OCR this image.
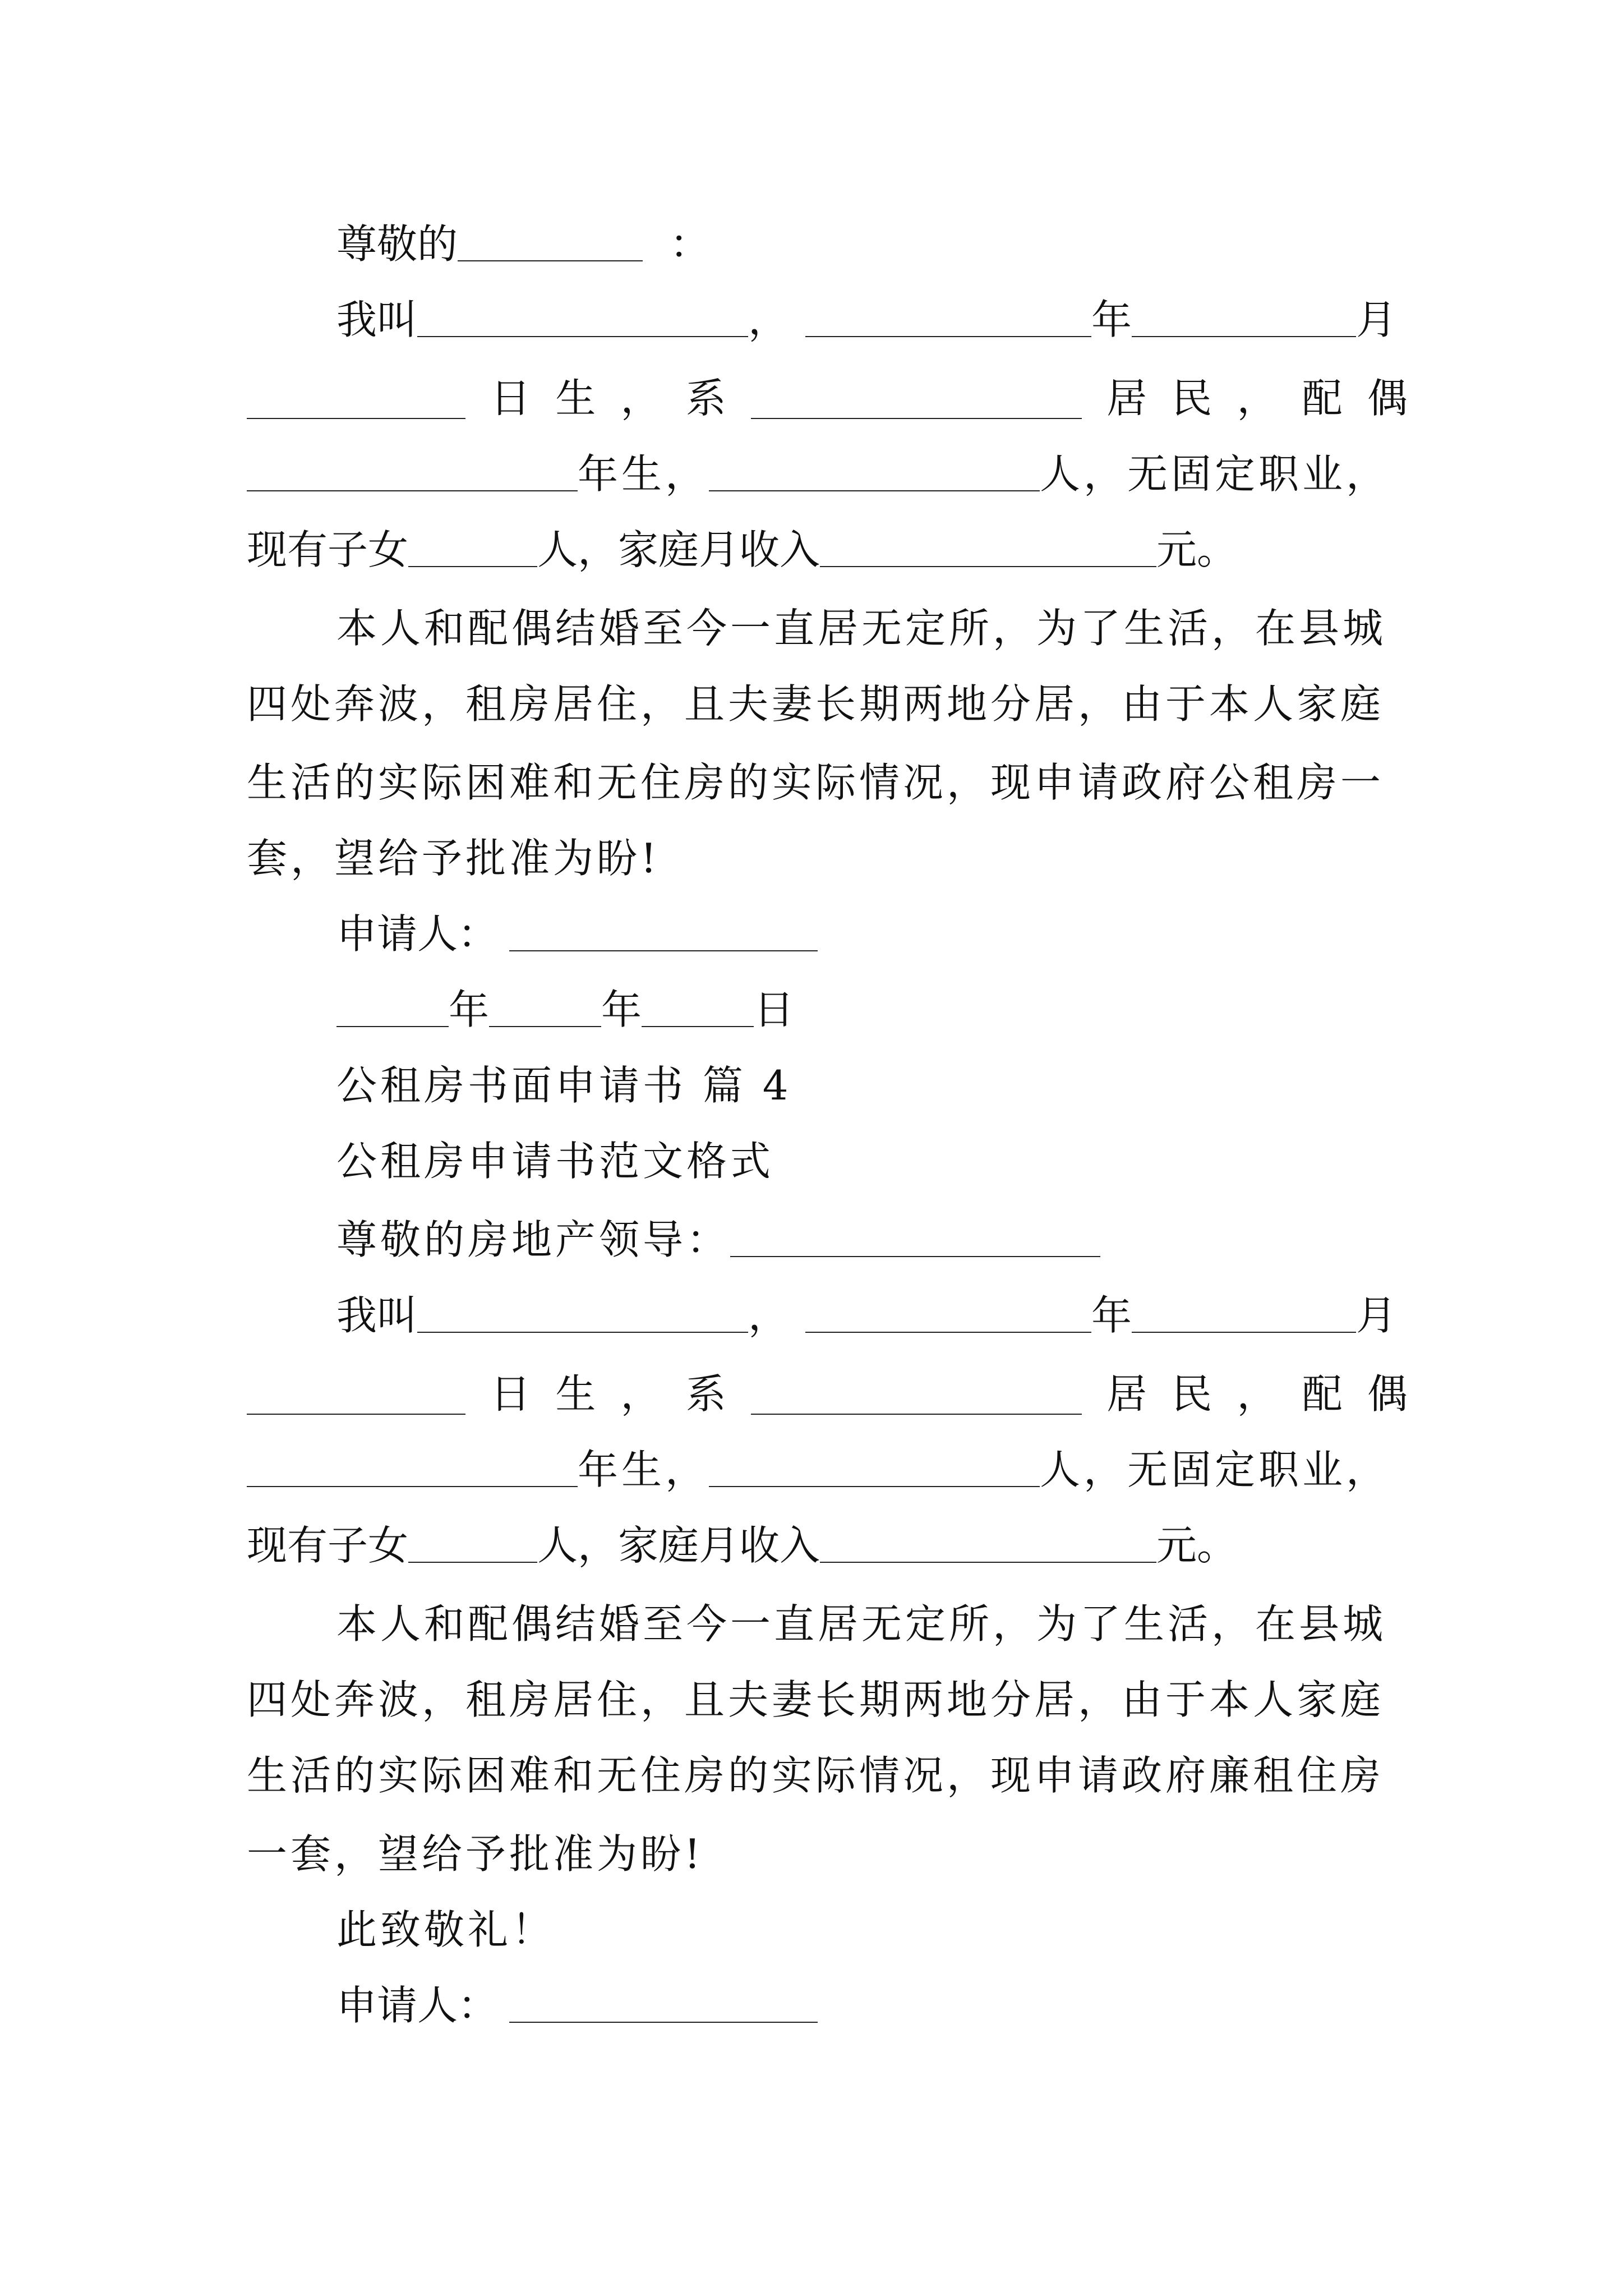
尊敬的	：
我叫	，	年	月
日 生 ， 系	居 民 ， 配 偶
年生，	人，无固定职业，
现有子女	人，家庭月收入	元。
本人和配偶结婚至今一直居无定所，为了生活，在县城
四处奔波，租房居住，且夫妻长期两地分居，由于本人家庭
生活的实际困难和无住房的实际情况，现申请政府公租房一
套，望给予批准为盼!
申请人：
年	年	日
公租房书面申请书 篇 4
公租房申请书范文格式
尊敬的房地产领导：
我叫	，	年	月
日 生 ， 系	居 民 ， 配 偶
年生，	人，无固定职业，
现有子女	人，家庭月收入	元。
本人和配偶结婚至今一直居无定所，为了生活，在县城
四处奔波，租房居住，且夫妻长期两地分居，由于本人家庭
生活的实际困难和无住房的实际情况，现申请政府廉租住房
一套，望给予批准为盼!
此致敬礼！
申请人：
